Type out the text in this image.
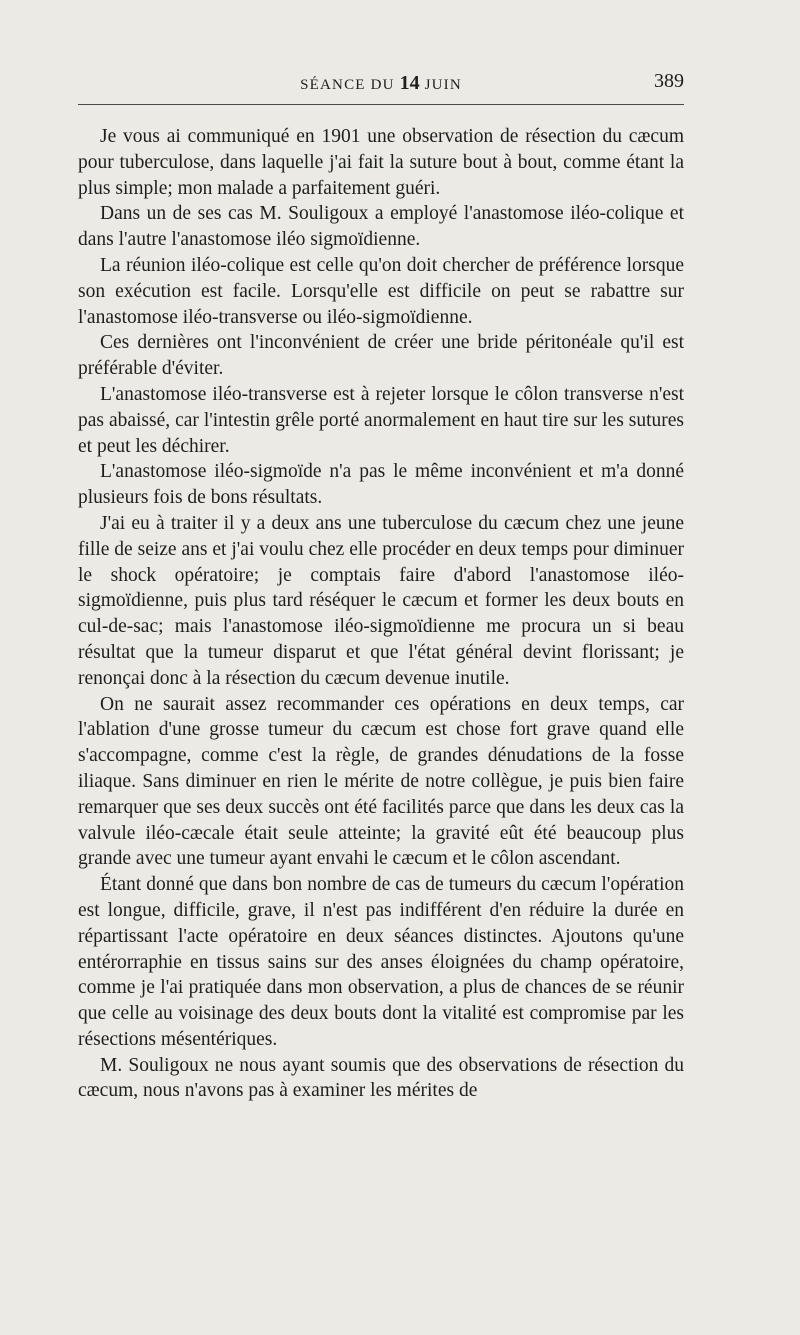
SÉANCE DU 14 JUIN	389

Je vous ai communiqué en 1901 une observation de résection du cæcum pour tuberculose, dans laquelle j'ai fait la suture bout à bout, comme étant la plus simple; mon malade a parfaitement guéri.

Dans un de ses cas M. Souligoux a employé l'anastomose iléo-colique et dans l'autre l'anastomose iléo sigmoïdienne.

La réunion iléo-colique est celle qu'on doit chercher de préférence lorsque son exécution est facile. Lorsqu'elle est difficile on peut se rabattre sur l'anastomose iléo-transverse ou iléo-sigmoïdienne.

Ces dernières ont l'inconvénient de créer une bride péritonéale qu'il est préférable d'éviter.

L'anastomose iléo-transverse est à rejeter lorsque le côlon transverse n'est pas abaissé, car l'intestin grêle porté anormalement en haut tire sur les sutures et peut les déchirer.

L'anastomose iléo-sigmoïde n'a pas le même inconvénient et m'a donné plusieurs fois de bons résultats.

J'ai eu à traiter il y a deux ans une tuberculose du cæcum chez une jeune fille de seize ans et j'ai voulu chez elle procéder en deux temps pour diminuer le shock opératoire; je comptais faire d'abord l'anastomose iléo-sigmoïdienne, puis plus tard réséquer le cæcum et former les deux bouts en cul-de-sac; mais l'anastomose iléo-sigmoïdienne me procura un si beau résultat que la tumeur disparut et que l'état général devint florissant; je renonçai donc à la résection du cæcum devenue inutile.

On ne saurait assez recommander ces opérations en deux temps, car l'ablation d'une grosse tumeur du cæcum est chose fort grave quand elle s'accompagne, comme c'est la règle, de grandes dénudations de la fosse iliaque. Sans diminuer en rien le mérite de notre collègue, je puis bien faire remarquer que ses deux succès ont été facilités parce que dans les deux cas la valvule iléo-cæcale était seule atteinte; la gravité eût été beaucoup plus grande avec une tumeur ayant envahi le cæcum et le côlon ascendant.

Étant donné que dans bon nombre de cas de tumeurs du cæcum l'opération est longue, difficile, grave, il n'est pas indifférent d'en réduire la durée en répartissant l'acte opératoire en deux séances distinctes. Ajoutons qu'une entérorraphie en tissus sains sur des anses éloignées du champ opératoire, comme je l'ai pratiquée dans mon observation, a plus de chances de se réunir que celle au voisinage des deux bouts dont la vitalité est compromise par les résections mésentériques.

M. Souligoux ne nous ayant soumis que des observations de résection du cæcum, nous n'avons pas à examiner les mérites de
